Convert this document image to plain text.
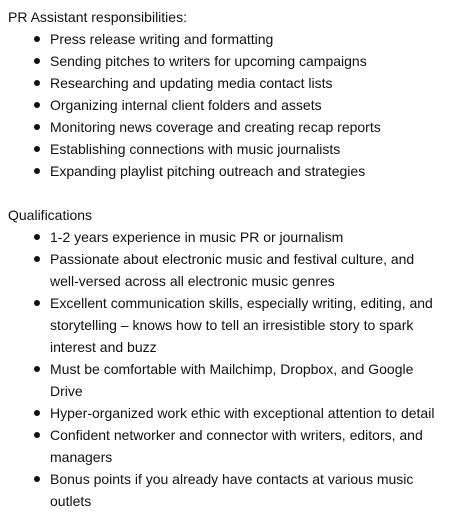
PR Assistant responsibilities:

Press release writing and formatting
Sending pitches to writers for upcoming campaigns
Researching and updating media contact lists
Organizing internal client folders and assets
Monitoring news coverage and creating recap reports
Establishing connections with music journalists
Expanding playlist pitching outreach and strategies

Qualifications

1-2 years experience in music PR or journalism
Passionate about electronic music and festival culture, and well-versed across all electronic music genres
Excellent communication skills, especially writing, editing, and storytelling – knows how to tell an irresistible story to spark interest and buzz
Must be comfortable with Mailchimp, Dropbox, and Google Drive
Hyper-organized work ethic with exceptional attention to detail
Confident networker and connector with writers, editors, and managers
Bonus points if you already have contacts at various music outlets
